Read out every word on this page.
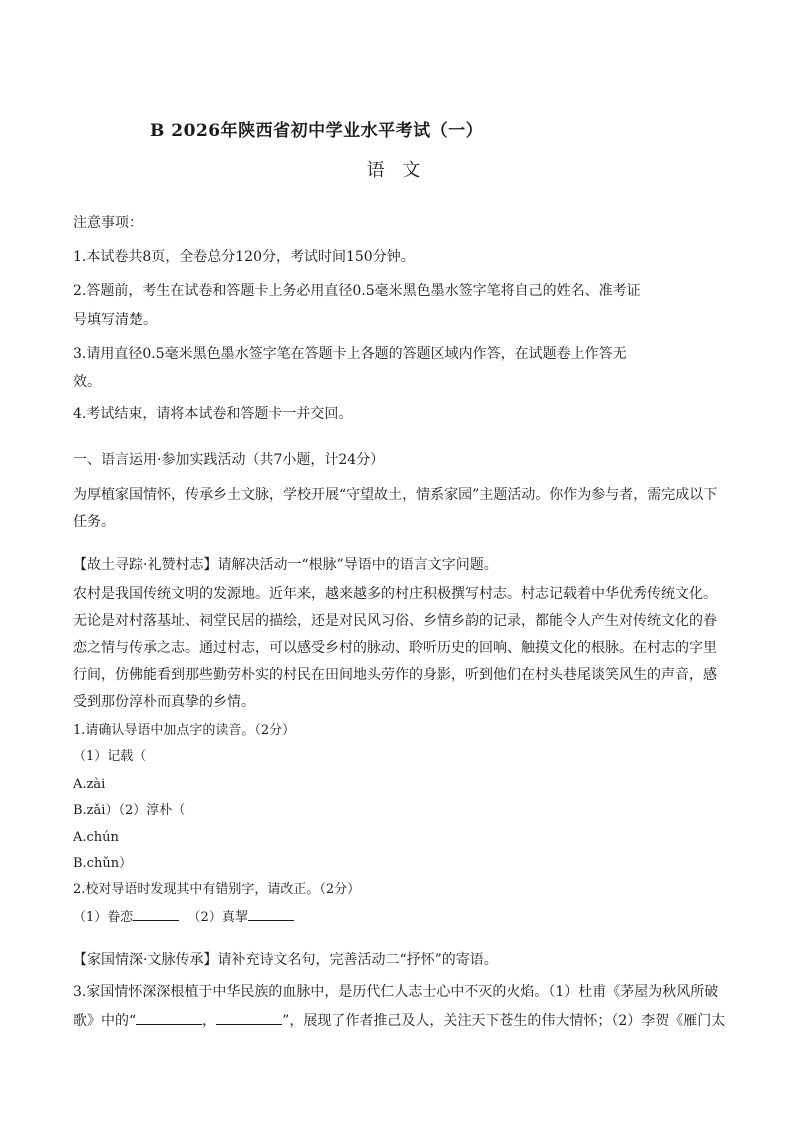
B 2026年陕西省初中学业水平考试（一）
语 文
注意事项：
1.本试卷共8页，全卷总分120分，考试时间150分钟。
2.答题前，考生在试卷和答题卡上务必用直径0.5毫米黑色墨水签字笔将自己的姓名、准考证
号填写清楚。
3.请用直径0.5毫米黑色墨水签字笔在答题卡上各题的答题区域内作答，在试题卷上作答无
效。
4.考试结束，请将本试卷和答题卡一并交回。
一、语言运用·参加实践活动（共7小题，计24分）
为厚植家国情怀，传承乡土文脉，学校开展“守望故土，情系家园”主题活动。你作为参与者，需完成以下
任务。
【故土寻踪·礼赞村志】请解决活动一“根脉”导语中的语言文字问题。
农村是我国传统文明的发源地。近年来，越来越多的村庄积极撰写村志。村志记载着中华优秀传统文化。
无论是对村落基址、祠堂民居的描绘，还是对民风习俗、乡情乡韵的记录，都能令人产生对传统文化的眷
恋之情与传承之志。通过村志，可以感受乡村的脉动、聆听历史的回响、触摸文化的根脉。在村志的字里
行间，仿佛能看到那些勤劳朴实的村民在田间地头劳作的身影，听到他们在村头巷尾谈笑风生的声音，感
受到那份淳朴而真挚的乡情。
1.请确认导语中加点字的读音。（2分）
（1）记载（
A.zài
B.zǎi）（2）淳朴（
A.chún
B.chǔn）
2.校对导语时发现其中有错别字，请改正。（2分）
（1）眷恋	（2）真挈
【家国情深·文脉传承】请补充诗文名句，完善活动二“抒怀”的寄语。
3.家国情怀深深根植于中华民族的血脉中，是历代仁人志士心中不灭的火焰。（1）杜甫《茅屋为秋风所破
歌》中的“	，	”，展现了作者推己及人，关注天下苍生的伟大情怀；（2）李贺《雁门太
